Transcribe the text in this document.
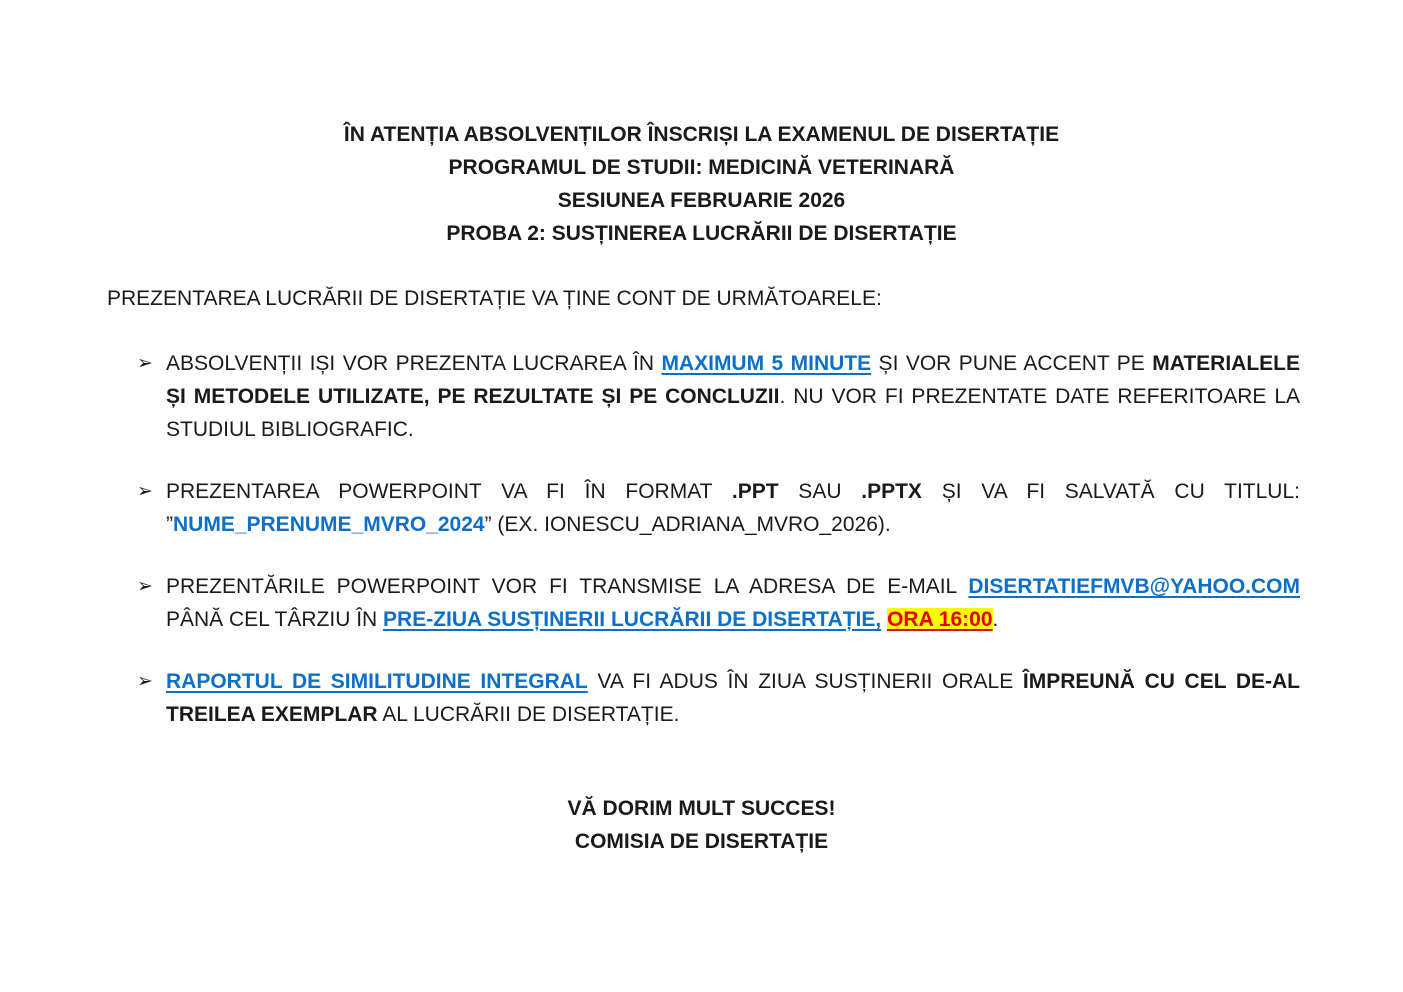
ÎN ATENȚIA ABSOLVENȚILOR ÎNSCRIȘI LA EXAMENUL DE DISERTAȚIE
PROGRAMUL DE STUDII: MEDICINĂ VETERINARĂ
SESIUNEA FEBRUARIE 2026
PROBA 2: SUSȚINEREA LUCRĂRII DE DISERTAȚIE
PREZENTAREA LUCRĂRII DE DISERTAȚIE VA ȚINE CONT DE URMĂTOARELE:
➢ ABSOLVENȚII IȘI VOR PREZENTA LUCRAREA ÎN MAXIMUM 5 MINUTE ȘI VOR PUNE ACCENT PE MATERIALELE ȘI METODELE UTILIZATE, PE REZULTATE ȘI PE CONCLUZII. NU VOR FI PREZENTATE DATE REFERITOARE LA STUDIUL BIBLIOGRAFIC.
➢ PREZENTAREA POWERPOINT VA FI ÎN FORMAT .PPT SAU .PPTX ȘI VA FI SALVATĂ CU TITLUL: ”NUME_PRENUME_MVRO_2024” (EX. IONESCU_ADRIANA_MVRO_2026).
➢ PREZENTĂRILE POWERPOINT VOR FI TRANSMISE LA ADRESA DE E-MAIL DISERTATIEFMVB@YAHOO.COM PÂNĂ CEL TÂRZIU ÎN PRE-ZIUA SUSȚINERII LUCRĂRII DE DISERTAȚIE, ORA 16:00.
➢ RAPORTUL DE SIMILITUDINE INTEGRAL VA FI ADUS ÎN ZIUA SUSȚINERII ORALE ÎMPREUNĂ CU CEL DE-AL TREILEA EXEMPLAR AL LUCRĂRII DE DISERTAȚIE.
VĂ DORIM MULT SUCCES!
COMISIA DE DISERTAȚIE
